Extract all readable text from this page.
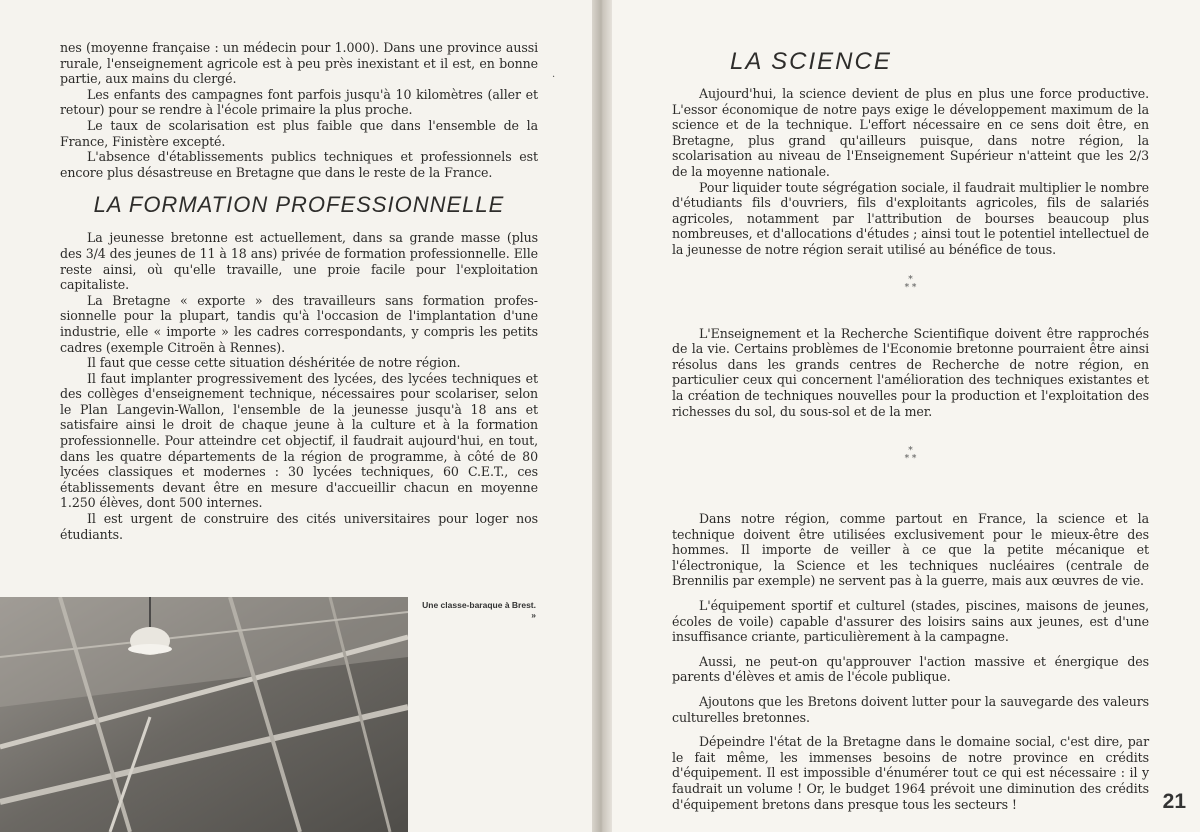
·

nes (moyenne française : un médecin pour 1.000). Dans une province aussi rurale, l'enseignement agricole est à peu près inexistant et il est, en bonne partie, aux mains du clergé.

Les enfants des campagnes font parfois jusqu'à 10 kilomètres (aller et retour) pour se rendre à l'école primaire la plus proche.

Le taux de scolarisation est plus faible que dans l'ensemble de la France, Finistère excepté.

L'absence d'établissements publics techniques et professionnels est encore plus désastreuse en Bretagne que dans le reste de la France.

LA FORMATION PROFESSIONNELLE

La jeunesse bretonne est actuellement, dans sa grande masse (plus des 3/4 des jeunes de 11 à 18 ans) privée de formation professionnelle. Elle reste ainsi, où qu'elle travaille, une proie facile pour l'exploitation capitaliste.

La Bretagne « exporte » des travailleurs sans formation professionnelle pour la plupart, tandis qu'à l'occasion de l'implantation d'une industrie, elle « importe » les cadres correspondants, y compris les petits cadres (exemple Citroën à Rennes).

Il faut que cesse cette situation déshéritée de notre région.

Il faut implanter progressivement des lycées, des lycées techniques et des collèges d'enseignement technique, nécessaires pour scolariser, selon le Plan Langevin-Wallon, l'ensemble de la jeunesse jusqu'à 18 ans et satisfaire ainsi le droit de chaque jeune à la culture et à la formation professionnelle. Pour atteindre cet objectif, il faudrait aujourd'hui, en tout, dans les quatre départements de la région de programme, à côté de 80 lycées classiques et modernes : 30 lycées techniques, 60 C.E.T., ces établissements devant être en mesure d'accueillir chacun en moyenne 1.250 élèves, dont 500 internes.

Il est urgent de construire des cités universitaires pour loger nos étudiants.

Une classe-baraque à Brest. »
LA SCIENCE

Aujourd'hui, la science devient de plus en plus une force productive. L'essor économique de notre pays exige le développement maximum de la science et de la technique. L'effort nécessaire en ce sens doit être, en Bretagne, plus grand qu'ailleurs puisque, dans notre région, la scolarisation au niveau de l'Enseignement Supérieur n'atteint que les 2/3 de la moyenne nationale.

Pour liquider toute ségrégation sociale, il faudrait multiplier le nombre d'étudiants fils d'ouvriers, fils d'exploitants agricoles, fils de salariés agricoles, notamment par l'attribution de bourses beaucoup plus nombreuses, et d'allocations d'études ; ainsi tout le potentiel intellectuel de la jeunesse de notre région serait utilisé au bénéfice de tous.

*
* *

L'Enseignement et la Recherche Scientifique doivent être rapprochés de la vie. Certains problèmes de l'Economie bretonne pourraient être ainsi résolus dans les grands centres de Recherche de notre région, en particulier ceux qui concernent l'amélioration des techniques existantes et la création de techniques nouvelles pour la production et l'exploitation des richesses du sol, du sous-sol et de la mer.

*
* *

Dans notre région, comme partout en France, la science et la technique doivent être utilisées exclusivement pour le mieux-être des hommes. Il importe de veiller à ce que la petite mécanique et l'électronique, la Science et les techniques nucléaires (centrale de Brennilis par exemple) ne servent pas à la guerre, mais aux œuvres de vie.

L'équipement sportif et culturel (stades, piscines, maisons de jeunes, écoles de voile) capable d'assurer des loisirs sains aux jeunes, est d'une insuffisance criante, particulièrement à la campagne.

Aussi, ne peut-on qu'approuver l'action massive et énergique des parents d'élèves et amis de l'école publique.

Ajoutons que les Bretons doivent lutter pour la sauvegarde des valeurs culturelles bretonnes.

Dépeindre l'état de la Bretagne dans le domaine social, c'est dire, par le fait même, les immenses besoins de notre province en crédits d'équipement. Il est impossible d'énumérer tout ce qui est nécessaire : il y faudrait un volume ! Or, le budget 1964 prévoit une diminution des crédits d'équipement bretons dans presque tous les secteurs !	21
